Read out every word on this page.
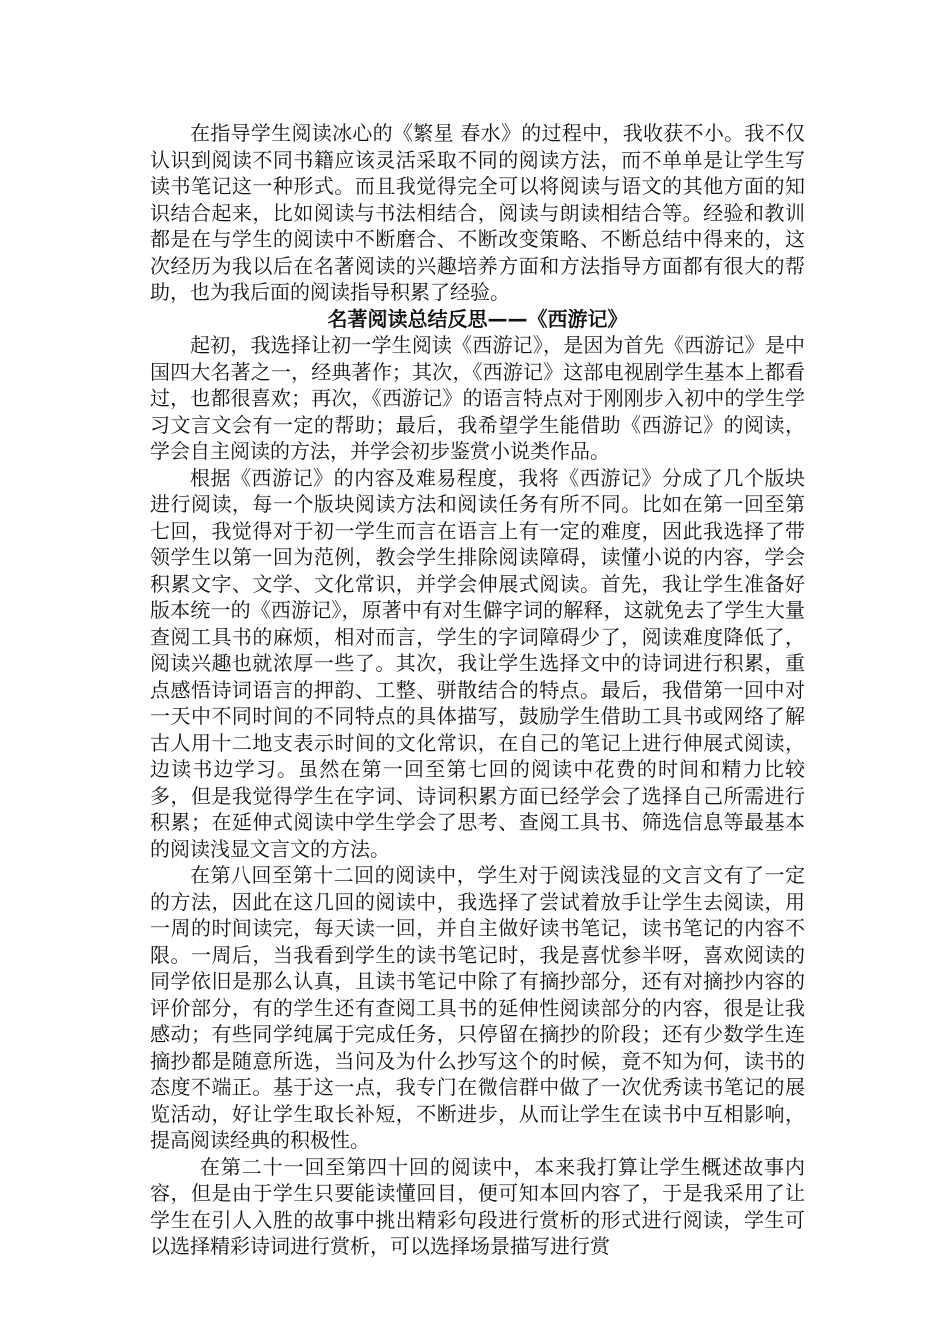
在指导学生阅读冰心的《繁星 春水》的过程中，我收获不小。我不仅认识到阅读不同书籍应该灵活采取不同的阅读方法，而不单单是让学生写读书笔记这一种形式。而且我觉得完全可以将阅读与语文的其他方面的知识结合起来，比如阅读与书法相结合，阅读与朗读相结合等。经验和教训都是在与学生的阅读中不断磨合、不断改变策略、不断总结中得来的，这次经历为我以后在名著阅读的兴趣培养方面和方法指导方面都有很大的帮助，也为我后面的阅读指导积累了经验。

名著阅读总结反思——《西游记》

起初，我选择让初一学生阅读《西游记》，是因为首先《西游记》是中国四大名著之一，经典著作；其次，《西游记》这部电视剧学生基本上都看过，也都很喜欢；再次，《西游记》的语言特点对于刚刚步入初中的学生学习文言文会有一定的帮助；最后，我希望学生能借助《西游记》的阅读，学会自主阅读的方法，并学会初步鉴赏小说类作品。

根据《西游记》的内容及难易程度，我将《西游记》分成了几个版块进行阅读，每一个版块阅读方法和阅读任务有所不同。比如在第一回至第七回，我觉得对于初一学生而言在语言上有一定的难度，因此我选择了带领学生以第一回为范例，教会学生排除阅读障碍，读懂小说的内容，学会积累文字、文学、文化常识，并学会伸展式阅读。首先，我让学生准备好版本统一的《西游记》，原著中有对生僻字词的解释，这就免去了学生大量查阅工具书的麻烦，相对而言，学生的字词障碍少了，阅读难度降低了，阅读兴趣也就浓厚一些了。其次，我让学生选择文中的诗词进行积累，重点感悟诗词语言的押韵、工整、骈散结合的特点。最后，我借第一回中对一天中不同时间的不同特点的具体描写，鼓励学生借助工具书或网络了解古人用十二地支表示时间的文化常识，在自己的笔记上进行伸展式阅读，边读书边学习。虽然在第一回至第七回的阅读中花费的时间和精力比较多，但是我觉得学生在字词、诗词积累方面已经学会了选择自己所需进行积累；在延伸式阅读中学生学会了思考、查阅工具书、筛选信息等最基本的阅读浅显文言文的方法。

在第八回至第十二回的阅读中，学生对于阅读浅显的文言文有了一定的方法，因此在这几回的阅读中，我选择了尝试着放手让学生去阅读，用一周的时间读完，每天读一回，并自主做好读书笔记，读书笔记的内容不限。一周后，当我看到学生的读书笔记时，我是喜忧参半呀，喜欢阅读的同学依旧是那么认真，且读书笔记中除了有摘抄部分，还有对摘抄内容的评价部分，有的学生还有查阅工具书的延伸性阅读部分的内容，很是让我感动；有些同学纯属于完成任务，只停留在摘抄的阶段；还有少数学生连摘抄都是随意所选，当问及为什么抄写这个的时候，竟不知为何，读书的态度不端正。基于这一点，我专门在微信群中做了一次优秀读书笔记的展览活动，好让学生取长补短，不断进步，从而让学生在读书中互相影响，提高阅读经典的积极性。

在第二十一回至第四十回的阅读中，本来我打算让学生概述故事内容，但是由于学生只要能读懂回目，便可知本回内容了，于是我采用了让学生在引人入胜的故事中挑出精彩句段进行赏析的形式进行阅读，学生可以选择精彩诗词进行赏析，可以选择场景描写进行赏
